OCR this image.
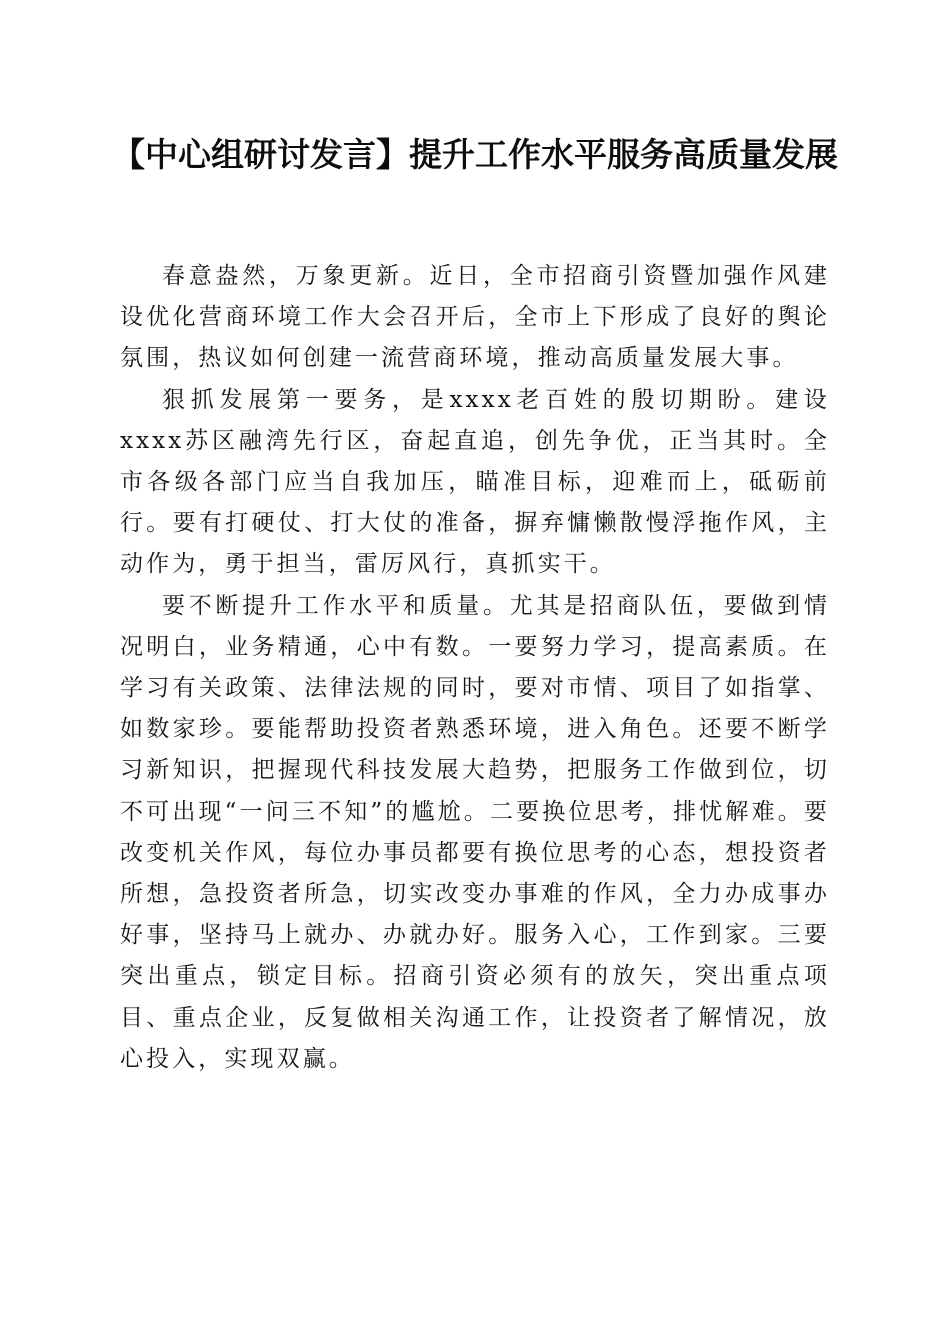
【中心组研讨发言】提升工作水平服务高质量发展

春意盎然，万象更新。近日，全市招商引资暨加强作风建设优化营商环境工作大会召开后，全市上下形成了良好的舆论氛围，热议如何创建一流营商环境，推动高质量发展大事。

狠抓发展第一要务，是xxxx老百姓的殷切期盼。建设xxxx苏区融湾先行区，奋起直追，创先争优，正当其时。全市各级各部门应当自我加压，瞄准目标，迎难而上，砥砺前行。要有打硬仗、打大仗的准备，摒弃慵懒散慢浮拖作风，主动作为，勇于担当，雷厉风行，真抓实干。

要不断提升工作水平和质量。尤其是招商队伍，要做到情况明白，业务精通，心中有数。一要努力学习，提高素质。在学习有关政策、法律法规的同时，要对市情、项目了如指掌、如数家珍。要能帮助投资者熟悉环境，进入角色。还要不断学习新知识，把握现代科技发展大趋势，把服务工作做到位，切不可出现“一问三不知”的尴尬。二要换位思考，排忧解难。要改变机关作风，每位办事员都要有换位思考的心态，想投资者所想，急投资者所急，切实改变办事难的作风，全力办成事办好事，坚持马上就办、办就办好。服务入心，工作到家。三要突出重点，锁定目标。招商引资必须有的放矢，突出重点项目、重点企业，反复做相关沟通工作，让投资者了解情况，放心投入，实现双赢。
